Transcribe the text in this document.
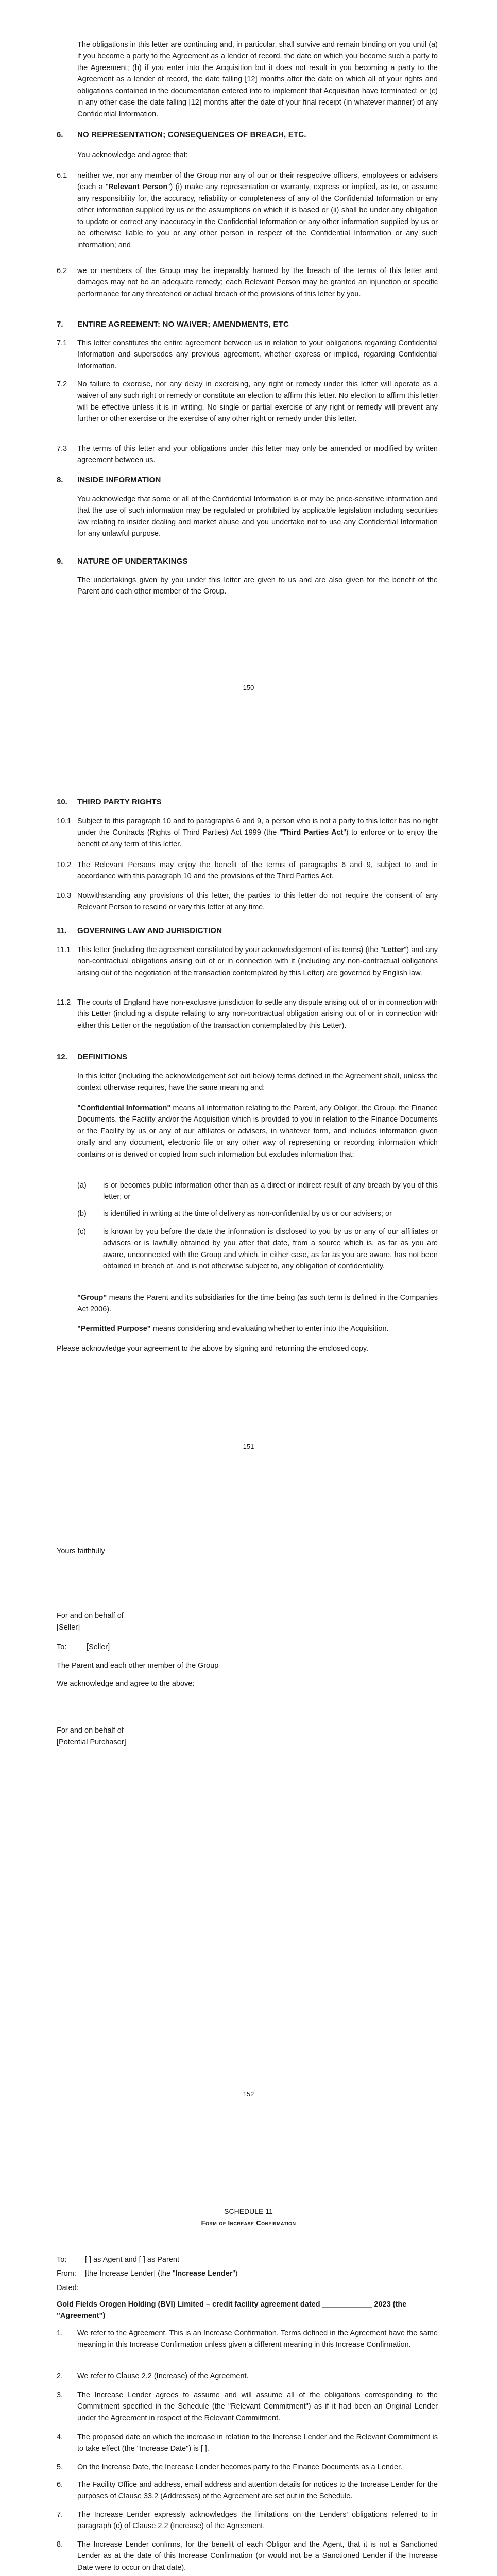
The obligations in this letter are continuing and, in particular, shall survive and remain binding on you until (a) if you become a party to the Agreement as a lender of record, the date on which you become such a party to the Agreement; (b) if you enter into the Acquisition but it does not result in you becoming a party to the Agreement as a lender of record, the date falling [12] months after the date on which all of your rights and obligations contained in the documentation entered into to implement that Acquisition have terminated; or (c) in any other case the date falling [12] months after the date of your final receipt (in whatever manner) of any Confidential Information.
6. NO REPRESENTATION; CONSEQUENCES OF BREACH, ETC.
You acknowledge and agree that:
6.1 neither we, nor any member of the Group nor any of our or their respective officers, employees or advisers (each a "Relevant Person") (i) make any representation or warranty, express or implied, as to, or assume any responsibility for, the accuracy, reliability or completeness of any of the Confidential Information or any other information supplied by us or the assumptions on which it is based or (ii) shall be under any obligation to update or correct any inaccuracy in the Confidential Information or any other information supplied by us or be otherwise liable to you or any other person in respect of the Confidential Information or any such information; and
6.2 we or members of the Group may be irreparably harmed by the breach of the terms of this letter and damages may not be an adequate remedy; each Relevant Person may be granted an injunction or specific performance for any threatened or actual breach of the provisions of this letter by you.
7. ENTIRE AGREEMENT: NO WAIVER; AMENDMENTS, ETC
7.1 This letter constitutes the entire agreement between us in relation to your obligations regarding Confidential Information and supersedes any previous agreement, whether express or implied, regarding Confidential Information.
7.2 No failure to exercise, nor any delay in exercising, any right or remedy under this letter will operate as a waiver of any such right or remedy or constitute an election to affirm this letter. No election to affirm this letter will be effective unless it is in writing. No single or partial exercise of any right or remedy will prevent any further or other exercise or the exercise of any other right or remedy under this letter.
7.3 The terms of this letter and your obligations under this letter may only be amended or modified by written agreement between us.
8. INSIDE INFORMATION
You acknowledge that some or all of the Confidential Information is or may be price-sensitive information and that the use of such information may be regulated or prohibited by applicable legislation including securities law relating to insider dealing and market abuse and you undertake not to use any Confidential Information for any unlawful purpose.
9. NATURE OF UNDERTAKINGS
The undertakings given by you under this letter are given to us and are also given for the benefit of the Parent and each other member of the Group.
150
10. THIRD PARTY RIGHTS
10.1 Subject to this paragraph 10 and to paragraphs 6 and 9, a person who is not a party to this letter has no right under the Contracts (Rights of Third Parties) Act 1999 (the "Third Parties Act") to enforce or to enjoy the benefit of any term of this letter.
10.2 The Relevant Persons may enjoy the benefit of the terms of paragraphs 6 and 9, subject to and in accordance with this paragraph 10 and the provisions of the Third Parties Act.
10.3 Notwithstanding any provisions of this letter, the parties to this letter do not require the consent of any Relevant Person to rescind or vary this letter at any time.
11. GOVERNING LAW AND JURISDICTION
11.1 This letter (including the agreement constituted by your acknowledgement of its terms) (the "Letter") and any non-contractual obligations arising out of or in connection with it (including any non-contractual obligations arising out of the negotiation of the transaction contemplated by this Letter) are governed by English law.
11.2 The courts of England have non-exclusive jurisdiction to settle any dispute arising out of or in connection with this Letter (including a dispute relating to any non-contractual obligation arising out of or in connection with either this Letter or the negotiation of the transaction contemplated by this Letter).
12. DEFINITIONS
In this letter (including the acknowledgement set out below) terms defined in the Agreement shall, unless the context otherwise requires, have the same meaning and:
"Confidential Information" means all information relating to the Parent, any Obligor, the Group, the Finance Documents, the Facility and/or the Acquisition which is provided to you in relation to the Finance Documents or the Facility by us or any of our affiliates or advisers, in whatever form, and includes information given orally and any document, electronic file or any other way of representing or recording information which contains or is derived or copied from such information but excludes information that:
(a)	is or becomes public information other than as a direct or indirect result of any breach by you of this letter; or
(b)	is identified in writing at the time of delivery as non-confidential by us or our advisers; or
(c)	is known by you before the date the information is disclosed to you by us or any of our affiliates or advisers or is lawfully obtained by you after that date, from a source which is, as far as you are aware, unconnected with the Group and which, in either case, as far as you are aware, has not been obtained in breach of, and is not otherwise subject to, any obligation of confidentiality.
"Group" means the Parent and its subsidiaries for the time being (as such term is defined in the Companies Act 2006).
"Permitted Purpose" means considering and evaluating whether to enter into the Acquisition.
Please acknowledge your agreement to the above by signing and returning the enclosed copy.
151
Yours faithfully
For and on behalf of
[Seller]
To:	[Seller]
The Parent and each other member of the Group
We acknowledge and agree to the above:
For and on behalf of
[Potential Purchaser]
152
SCHEDULE 11
Form of Increase Confirmation
To:	[ ] as Agent and [ ] as Parent
From:	[the Increase Lender] (the "Increase Lender")
Dated:
Gold Fields Orogen Holding (BVI) Limited – credit facility agreement dated ____________ 2023 (the
"Agreement")
1. We refer to the Agreement. This is an Increase Confirmation. Terms defined in the Agreement have the same meaning in this Increase Confirmation unless given a different meaning in this Increase Confirmation.
2. We refer to Clause 2.2 (Increase) of the Agreement.
3. The Increase Lender agrees to assume and will assume all of the obligations corresponding to the Commitment specified in the Schedule (the "Relevant Commitment") as if it had been an Original Lender under the Agreement in respect of the Relevant Commitment.
4. The proposed date on which the increase in relation to the Increase Lender and the Relevant Commitment is to take effect (the "Increase Date") is [ ].
5. On the Increase Date, the Increase Lender becomes party to the Finance Documents as a Lender.
6. The Facility Office and address, email address and attention details for notices to the Increase Lender for the purposes of Clause 33.2 (Addresses) of the Agreement are set out in the Schedule.
7. The Increase Lender expressly acknowledges the limitations on the Lenders' obligations referred to in paragraph (c) of Clause 2.2 (Increase) of the Agreement.
8. The Increase Lender confirms, for the benefit of each Obligor and the Agent, that it is not a Sanctioned Lender as at the date of this Increase Confirmation (or would not be a Sanctioned Lender if the Increase Date were to occur on that date).
